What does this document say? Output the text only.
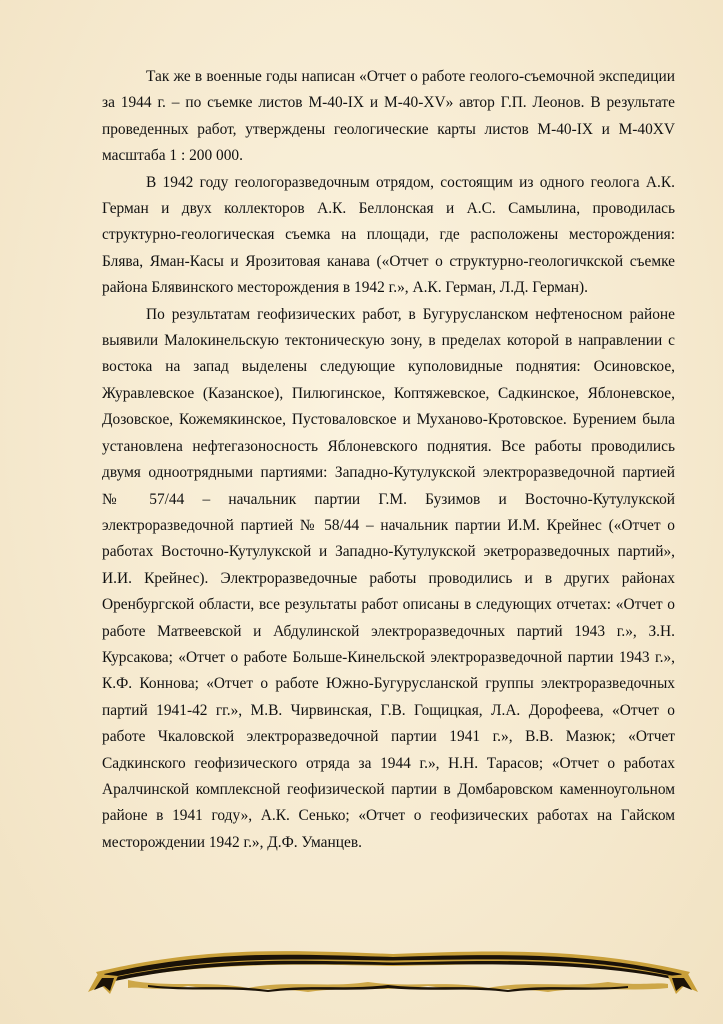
Так же в военные годы написан «Отчет о работе геолого-съемочной экспедиции за 1944 г. – по съемке листов М-40-IX и М-40-XV» автор Г.П. Леонов. В результате проведенных работ, утверждены геологические карты листов М-40-IX и М-40XV масштаба 1 : 200 000.

В 1942 году геологоразведочным отрядом, состоящим из одного геолога А.К. Герман и двух коллекторов А.К. Беллонская и А.С. Самылина, проводилась структурно-геологическая съемка на площади, где расположены месторождения: Блява, Яман-Касы и Ярозитовая канава («Отчет о структурно-геологичкской съемке района Блявинского месторождения в 1942 г.», А.К. Герман, Л.Д. Герман).

По результатам геофизических работ, в Бугурусланском нефтеносном районе выявили Малокинельскую тектоническую зону, в пределах которой в направлении с востока на запад выделены следующие куполовидные поднятия: Осиновское, Журавлевское (Казанское), Пилюгинское, Коптяжевское, Садкинское, Яблоневское, Дозовское, Кожемякинское, Пустоваловское и Муханово-Кротовское. Бурением была установлена нефтегазоносность Яблоневского поднятия. Все работы проводились двумя одноотрядными партиями: Западно-Кутулукской электроразведочной партией № 57/44 – начальник партии Г.М. Бузимов и Восточно-Кутулукской электроразведочной партией № 58/44 – начальник партии И.М. Крейнес («Отчет о работах Восточно-Кутулукской и Западно-Кутулукской экетроразведочных партий», И.И. Крейнес). Электроразведочные работы проводились и в других районах Оренбургской области, все результаты работ описаны в следующих отчетах: «Отчет о работе Матвеевской и Абдулинской электроразведочных партий 1943 г.», З.Н. Курсакова; «Отчет о работе Больше-Кинельской электроразведочной партии 1943 г.», К.Ф. Коннова; «Отчет о работе Южно-Бугурусланской группы электроразведочных партий 1941-42 гг.», М.В. Чирвинская, Г.В. Гощицкая, Л.А. Дорофеева, «Отчет о работе Чкаловской электроразведочной партии 1941 г.», В.В. Мазюк; «Отчет Садкинского геофизического отряда за 1944 г.», Н.Н. Тарасов; «Отчет о работах Аралчинской комплексной геофизической партии в Домбаровском каменноугольном районе в 1941 году», А.К. Сенько; «Отчет о геофизических работах на Гайском месторождении 1942 г.», Д.Ф. Уманцев.
